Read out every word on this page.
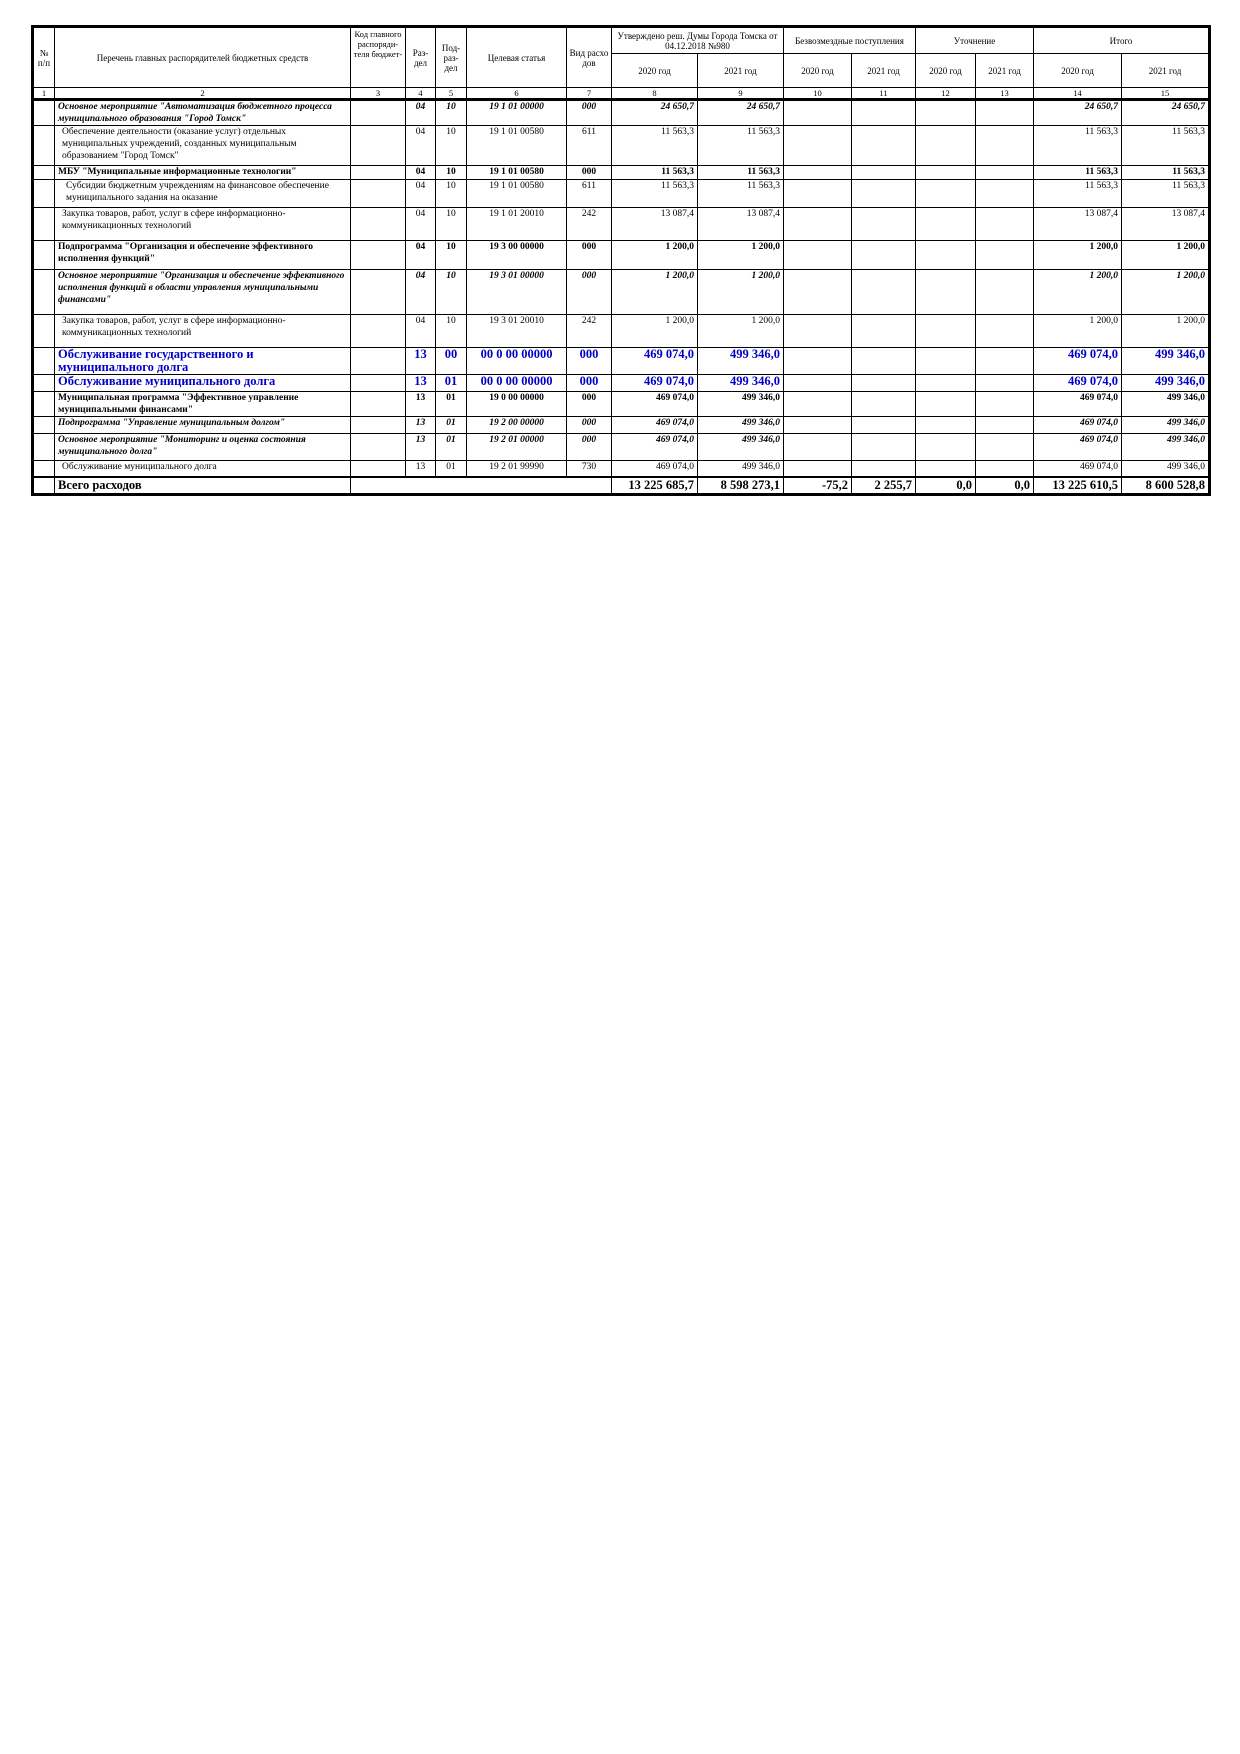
№ п/п	Перечень главных распорядителей бюджетных средств	Код главного распоряди-теля бюджет-	Раз-дел	Под-раз-дел	Целевая статья	Вид расхо дов	Утверждено реш. Думы Города Томска от 04.12.2018 №980		Безвозмездные поступления		Уточнение		Итого	
							2020 год	2021 год	2020 год	2021 год	2020 год	2021 год	2020 год	2021 год
1	2	3	4	5	6	7	8	9	10	11	12	13	14	15
	Основное мероприятие "Автоматизация бюджетного процесса муниципального образования "Город Томск"		04	10	19 1 01 00000	000	24 650,7	24 650,7					24 650,7	24 650,7
	Обеспечение деятельности (оказание услуг) отдельных муниципальных учреждений, созданных муниципальным образованием "Город Томск"		04	10	19 1 01 00580	611	11 563,3	11 563,3					11 563,3	11 563,3
	МБУ "Муниципальные информационные технологии"		04	10	19 1 01 00580	000	11 563,3	11 563,3					11 563,3	11 563,3
	Субсидии бюджетным учреждениям на финансовое обеспечение муниципального задания на оказание		04	10	19 1 01 00580	611	11 563,3	11 563,3					11 563,3	11 563,3
	Закупка товаров, работ, услуг в сфере информационно-коммуникационных технологий		04	10	19 1 01 20010	242	13 087,4	13 087,4					13 087,4	13 087,4
	Подпрограмма "Организация и обеспечение эффективного исполнения функций"		04	10	19 3 00 00000	000	1 200,0	1 200,0					1 200,0	1 200,0
	Основное мероприятие "Организация и обеспечение эффективного исполнения функций в области управления муниципальными финансами"		04	10	19 3 01 00000	000	1 200,0	1 200,0					1 200,0	1 200,0
	Закупка товаров, работ, услуг в сфере информационно-коммуникационных технологий		04	10	19 3 01 20010	242	1 200,0	1 200,0					1 200,0	1 200,0
	Обслуживание государственного и муниципального долга		13	00	00 0 00 00000	000	469 074,0	499 346,0					469 074,0	499 346,0
	Обслуживание муниципального долга		13	01	00 0 00 00000	000	469 074,0	499 346,0					469 074,0	499 346,0
	Муниципальная программа "Эффективное управление муниципальными финансами"		13	01	19 0 00 00000	000	469 074,0	499 346,0					469 074,0	499 346,0
	Подпрограмма "Управление муниципальным долгом"		13	01	19 2 00 00000	000	469 074,0	499 346,0					469 074,0	499 346,0
	Основное мероприятие "Мониторинг и оценка состояния муниципального долга"		13	01	19 2 01 00000	000	469 074,0	499 346,0					469 074,0	499 346,0
	Обслуживание муниципального долга		13	01	19 2 01 99990	730	469 074,0	499 346,0					469 074,0	499 346,0
	Всего расходов						13 225 685,7	8 598 273,1	-75,2	2 255,7	0,0	0,0	13 225 610,5	8 600 528,8
